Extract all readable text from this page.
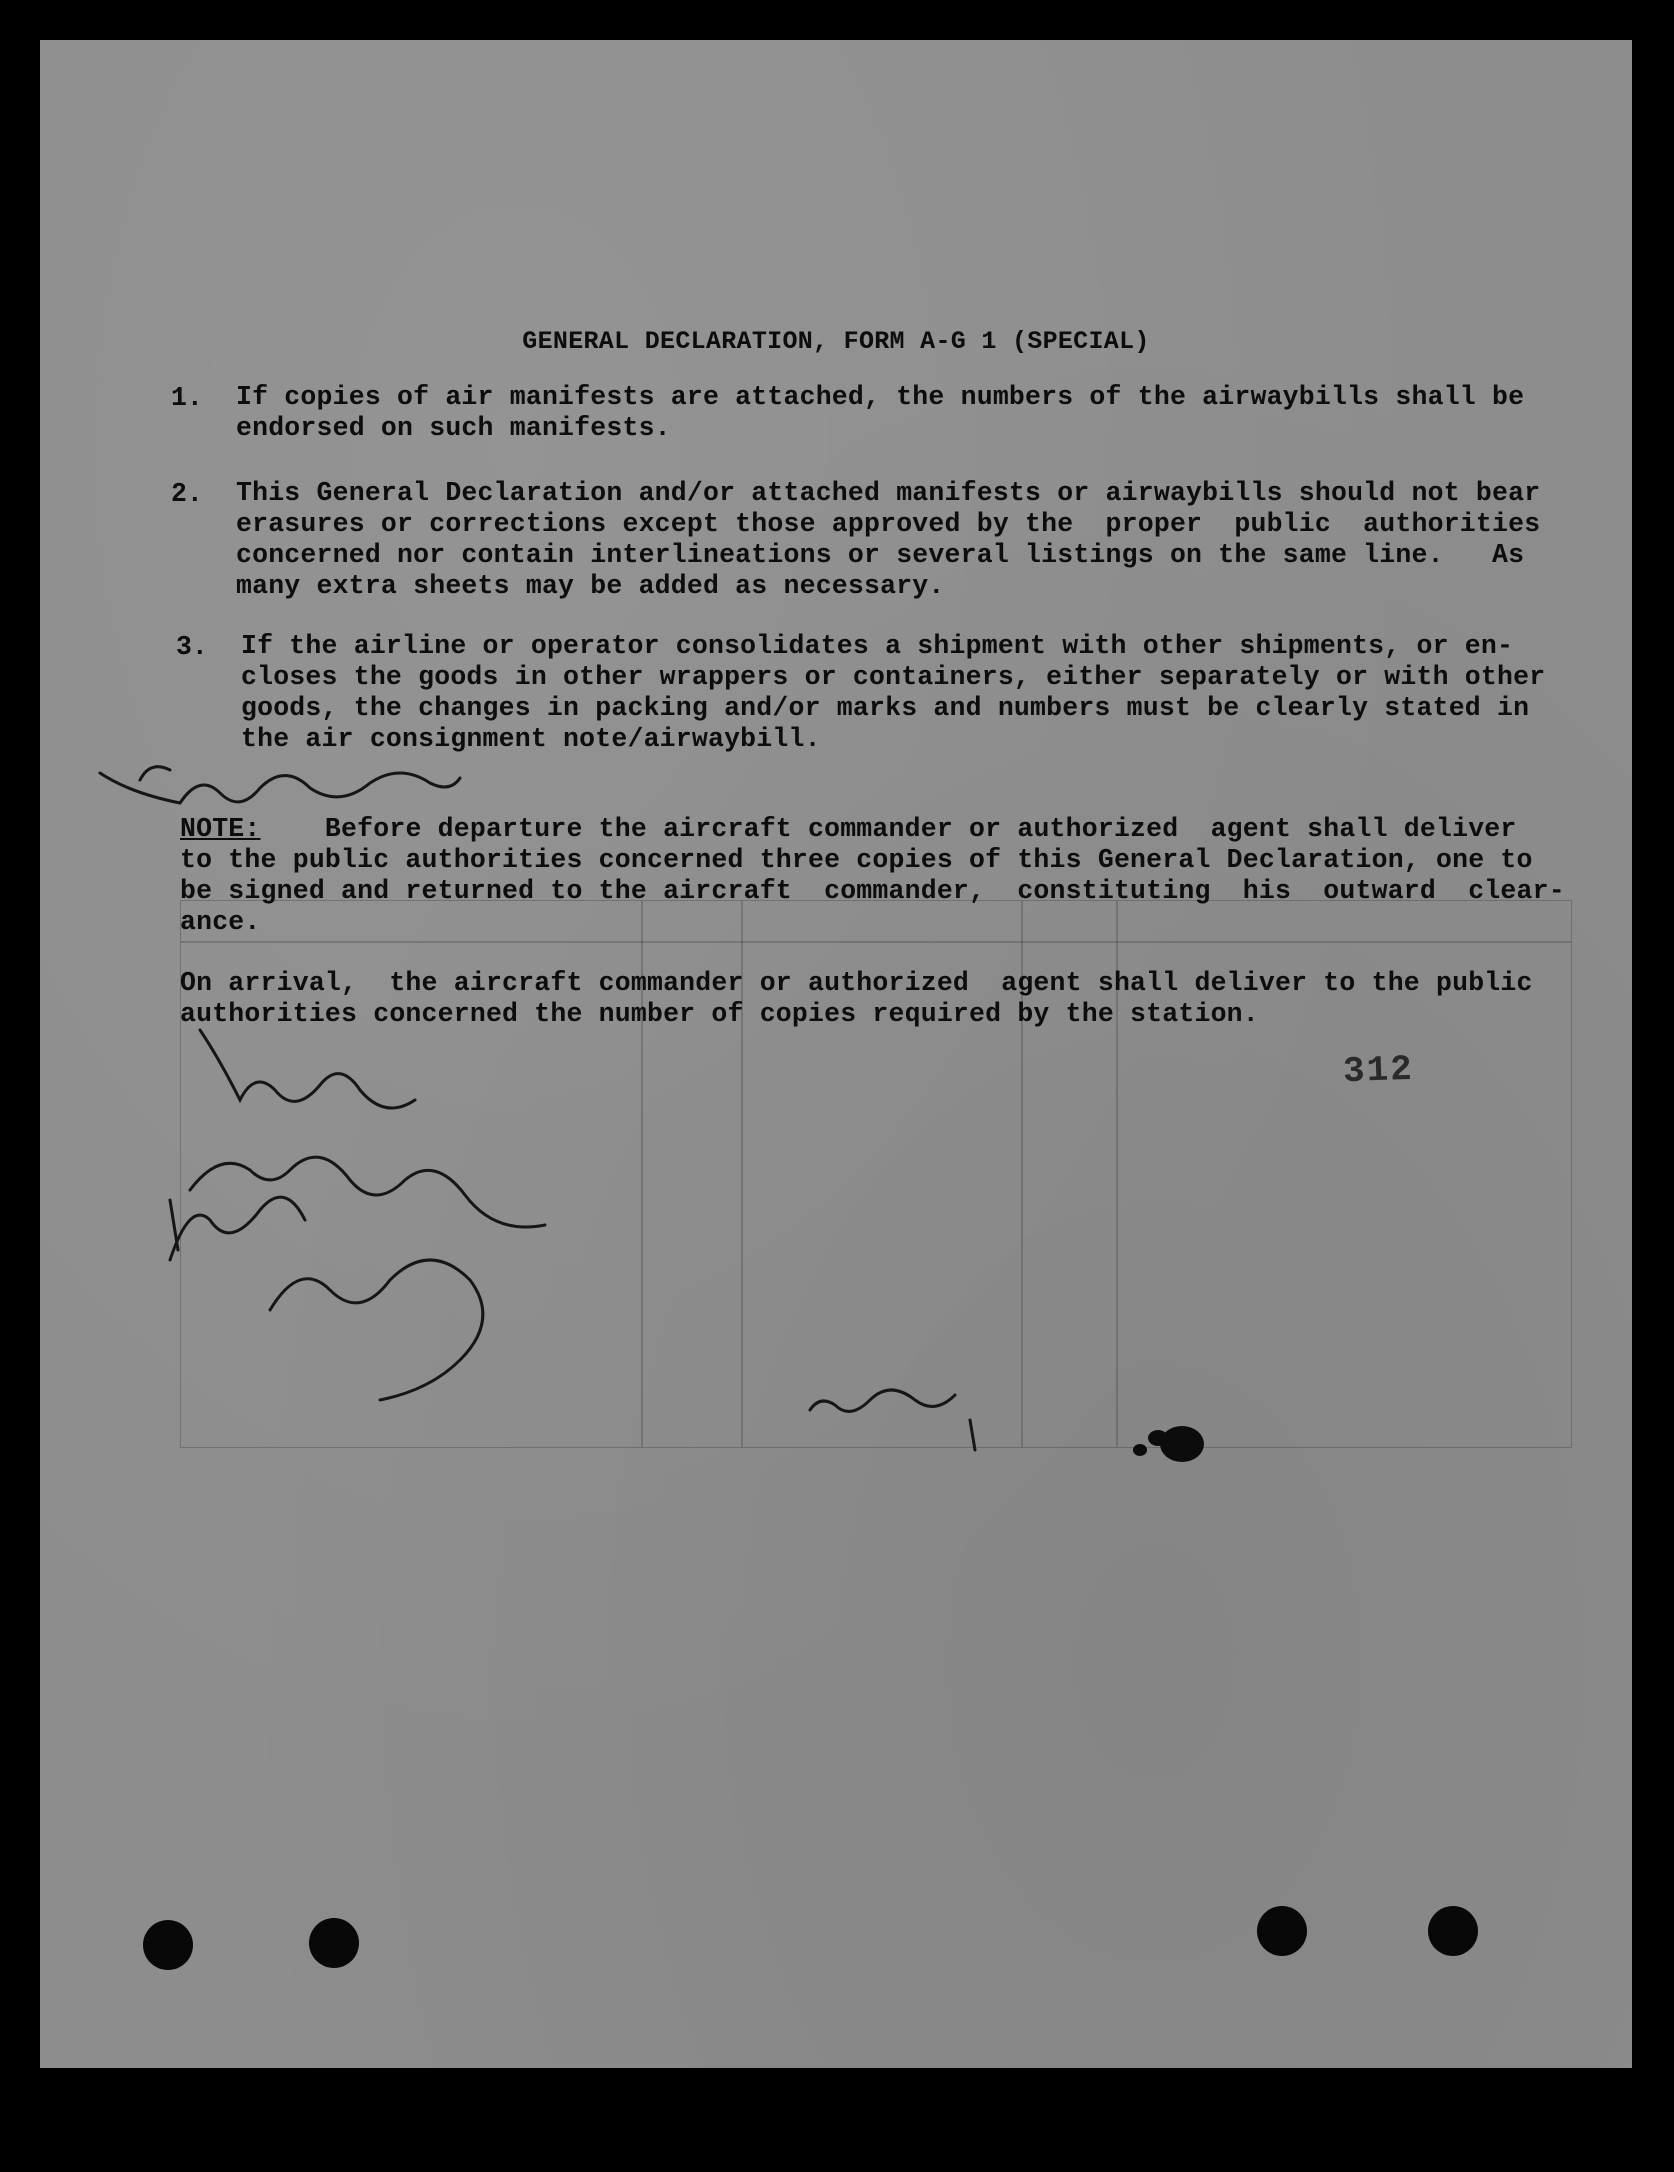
GENERAL DECLARATION, FORM A-G 1 (SPECIAL)
1. If copies of air manifests are attached, the numbers of the airwaybills shall be
endorsed on such manifests.
2. This General Declaration and/or attached manifests or airwaybills should not bear
erasures or corrections except those approved by the  proper  public  authorities
concerned nor contain interlineations or several listings on the same line.   As
many extra sheets may be added as necessary.
3. If the airline or operator consolidates a shipment with other shipments, or en-
closes the goods in other wrappers or containers, either separately or with other
goods, the changes in packing and/or marks and numbers must be clearly stated in
the air consignment note/airwaybill.
NOTE:    Before departure the aircraft commander or authorized  agent shall deliver
to the public authorities concerned three copies of this General Declaration, one to
be signed and returned to the aircraft  commander,  constituting  his  outward  clear-
ance.
On arrival,  the aircraft commander or authorized  agent shall deliver to the public
authorities concerned the number of copies required by the station.
312
